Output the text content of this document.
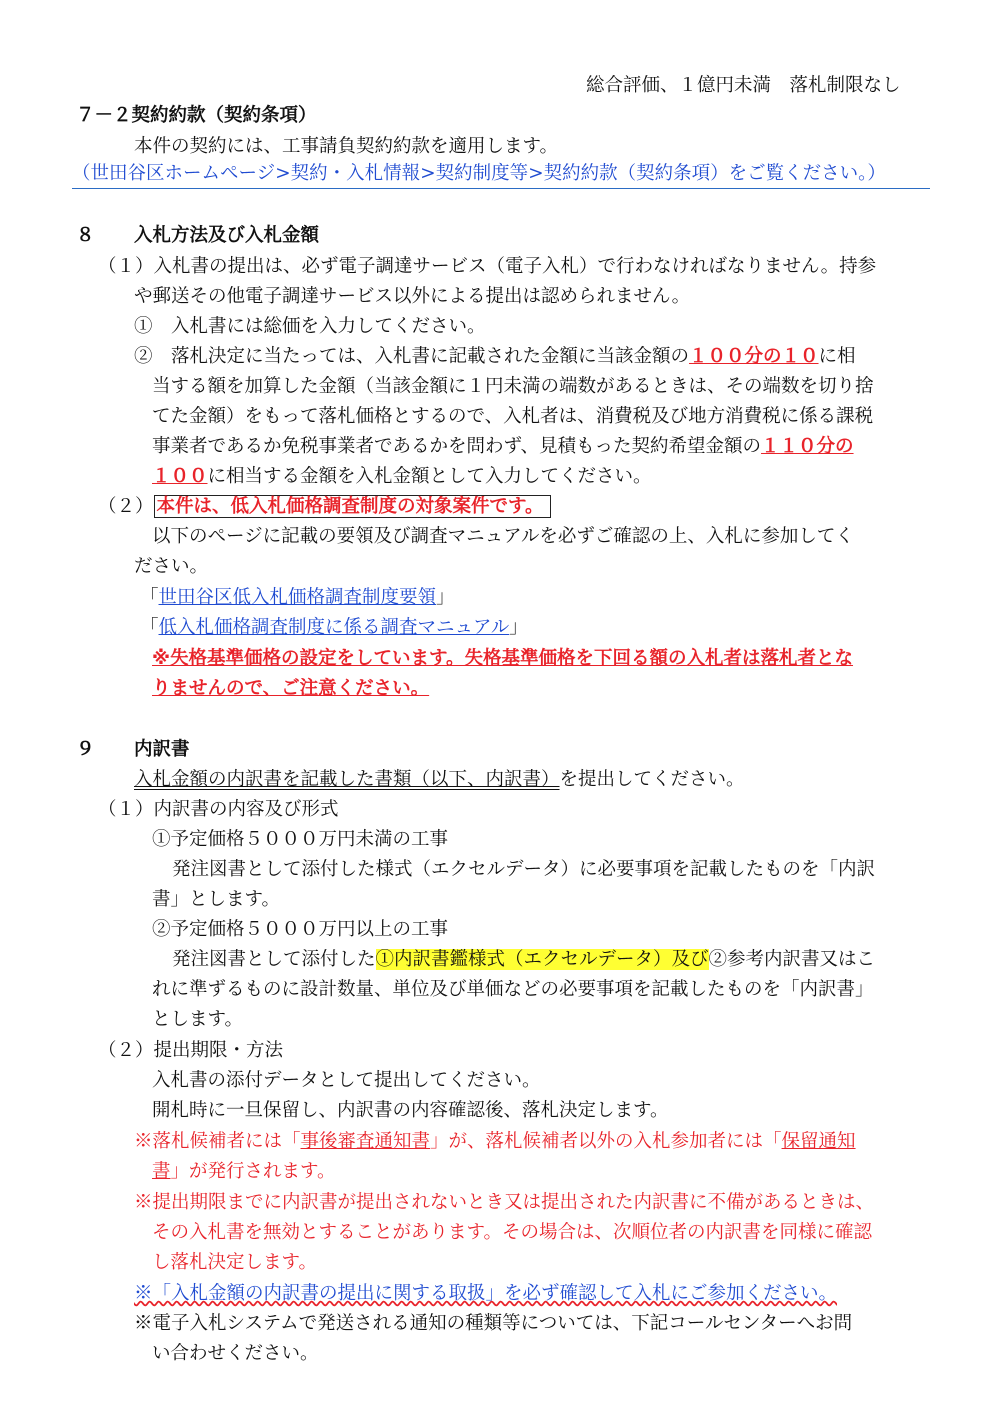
総合評価、１億円未満　落札制限なし
７－２契約約款（契約条項）
本件の契約には、工事請負契約約款を適用します。
（世田谷区ホームページ>契約・入札情報>契約制度等>契約約款（契約条項）をご覧ください。）
８ 入札方法及び入札金額
（１）入札書の提出は、必ず電子調達サービス（電子入札）で行わなければなりません。持参
や郵送その他電子調達サービス以外による提出は認められません。
①　入札書には総価を入力してください。
②　落札決定に当たっては、入札書に記載された金額に当該金額の１００分の１０に相
当する額を加算した金額（当該金額に１円未満の端数があるときは、その端数を切り捨
てた金額）をもって落札価格とするので、入札者は、消費税及び地方消費税に係る課税
事業者であるか免税事業者であるかを問わず、見積もった契約希望金額の１１０分の
１００に相当する金額を入札金額として入力してください。
（２） 本件は、低入札価格調査制度の対象案件です。
以下のページに記載の要領及び調査マニュアルを必ずご確認の上、入札に参加してく
ださい。
「世田谷区低入札価格調査制度要領」
「低入札価格調査制度に係る調査マニュアル」
※失格基準価格の設定をしています。失格基準価格を下回る額の入札者は落札者とな
りませんので、ご注意ください。
９ 内訳書
入札金額の内訳書を記載した書類（以下、内訳書）を提出してください。
（１）内訳書の内容及び形式
①予定価格５０００万円未満の工事
発注図書として添付した様式（エクセルデータ）に必要事項を記載したものを「内訳
書」とします。
②予定価格５０００万円以上の工事
発注図書として添付した①内訳書鑑様式（エクセルデータ）及び②参考内訳書又はこ
れに準ずるものに設計数量、単位及び単価などの必要事項を記載したものを「内訳書」
とします。
（２）提出期限・方法
入札書の添付データとして提出してください。
開札時に一旦保留し、内訳書の内容確認後、落札決定します。
※落札候補者には「事後審査通知書」が、落札候補者以外の入札参加者には「保留通知
書」が発行されます。
※提出期限までに内訳書が提出されないとき又は提出された内訳書に不備があるときは、
その入札書を無効とすることがあります。その場合は、次順位者の内訳書を同様に確認
し落札決定します。
※「入札金額の内訳書の提出に関する取扱」を必ず確認して入札にご参加ください。
※電子入札システムで発送される通知の種類等については、下記コールセンターへお問
い合わせください。
